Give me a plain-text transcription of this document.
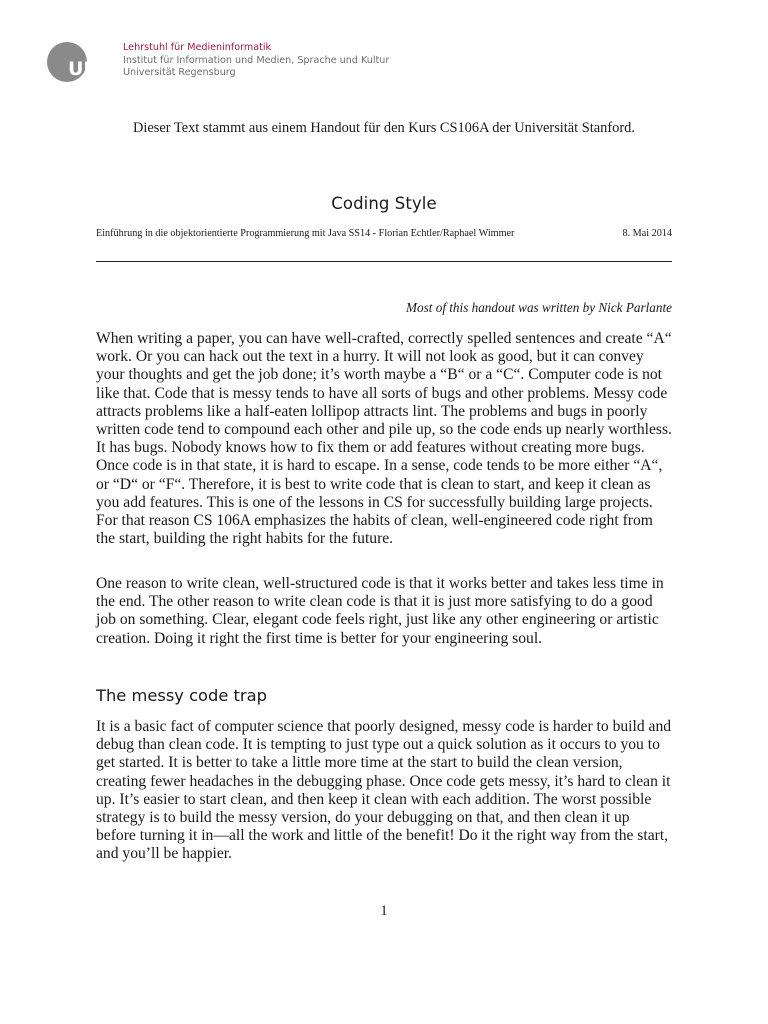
UR
Lehrstuhl für Medieninformatik
Institut für Information und Medien, Sprache und Kultur
Universität Regensburg
Dieser Text stammt aus einem Handout für den Kurs CS106A der Universität Stanford.
Coding Style
Einführung in die objektorientierte Programmierung mit Java SS14 - Florian Echtler/Raphael Wimmer	8. Mai 2014
Most of this handout was written by Nick Parlante

When writing a paper, you can have well-crafted, correctly spelled sentences and create “A“ work. Or you can hack out the text in a hurry. It will not look as good, but it can convey your thoughts and get the job done; it’s worth maybe a “B“ or a “C“. Computer code is not like that. Code that is messy tends to have all sorts of bugs and other problems. Messy code attracts problems like a half-eaten lollipop attracts lint. The problems and bugs in poorly written code tend to compound each other and pile up, so the code ends up nearly worthless. It has bugs. Nobody knows how to fix them or add features without creating more bugs. Once code is in that state, it is hard to escape. In a sense, code tends to be more either “A“, or “D“ or “F“. Therefore, it is best to write code that is clean to start, and keep it clean as you add features. This is one of the lessons in CS for successfully building large projects. For that reason CS 106A emphasizes the habits of clean, well-engineered code right from the start, building the right habits for the future.

One reason to write clean, well-structured code is that it works better and takes less time in the end. The other reason to write clean code is that it is just more satisfying to do a good job on something. Clear, elegant code feels right, just like any other engineering or artistic creation. Doing it right the first time is better for your engineering soul.

The messy code trap

It is a basic fact of computer science that poorly designed, messy code is harder to build and debug than clean code. It is tempting to just type out a quick solution as it occurs to you to get started. It is better to take a little more time at the start to build the clean version, creating fewer headaches in the debugging phase. Once code gets messy, it’s hard to clean it up. It’s easier to start clean, and then keep it clean with each addition. The worst possible strategy is to build the messy version, do your debugging on that, and then clean it up before turning it in—all the work and little of the benefit! Do it the right way from the start, and you’ll be happier.

1
